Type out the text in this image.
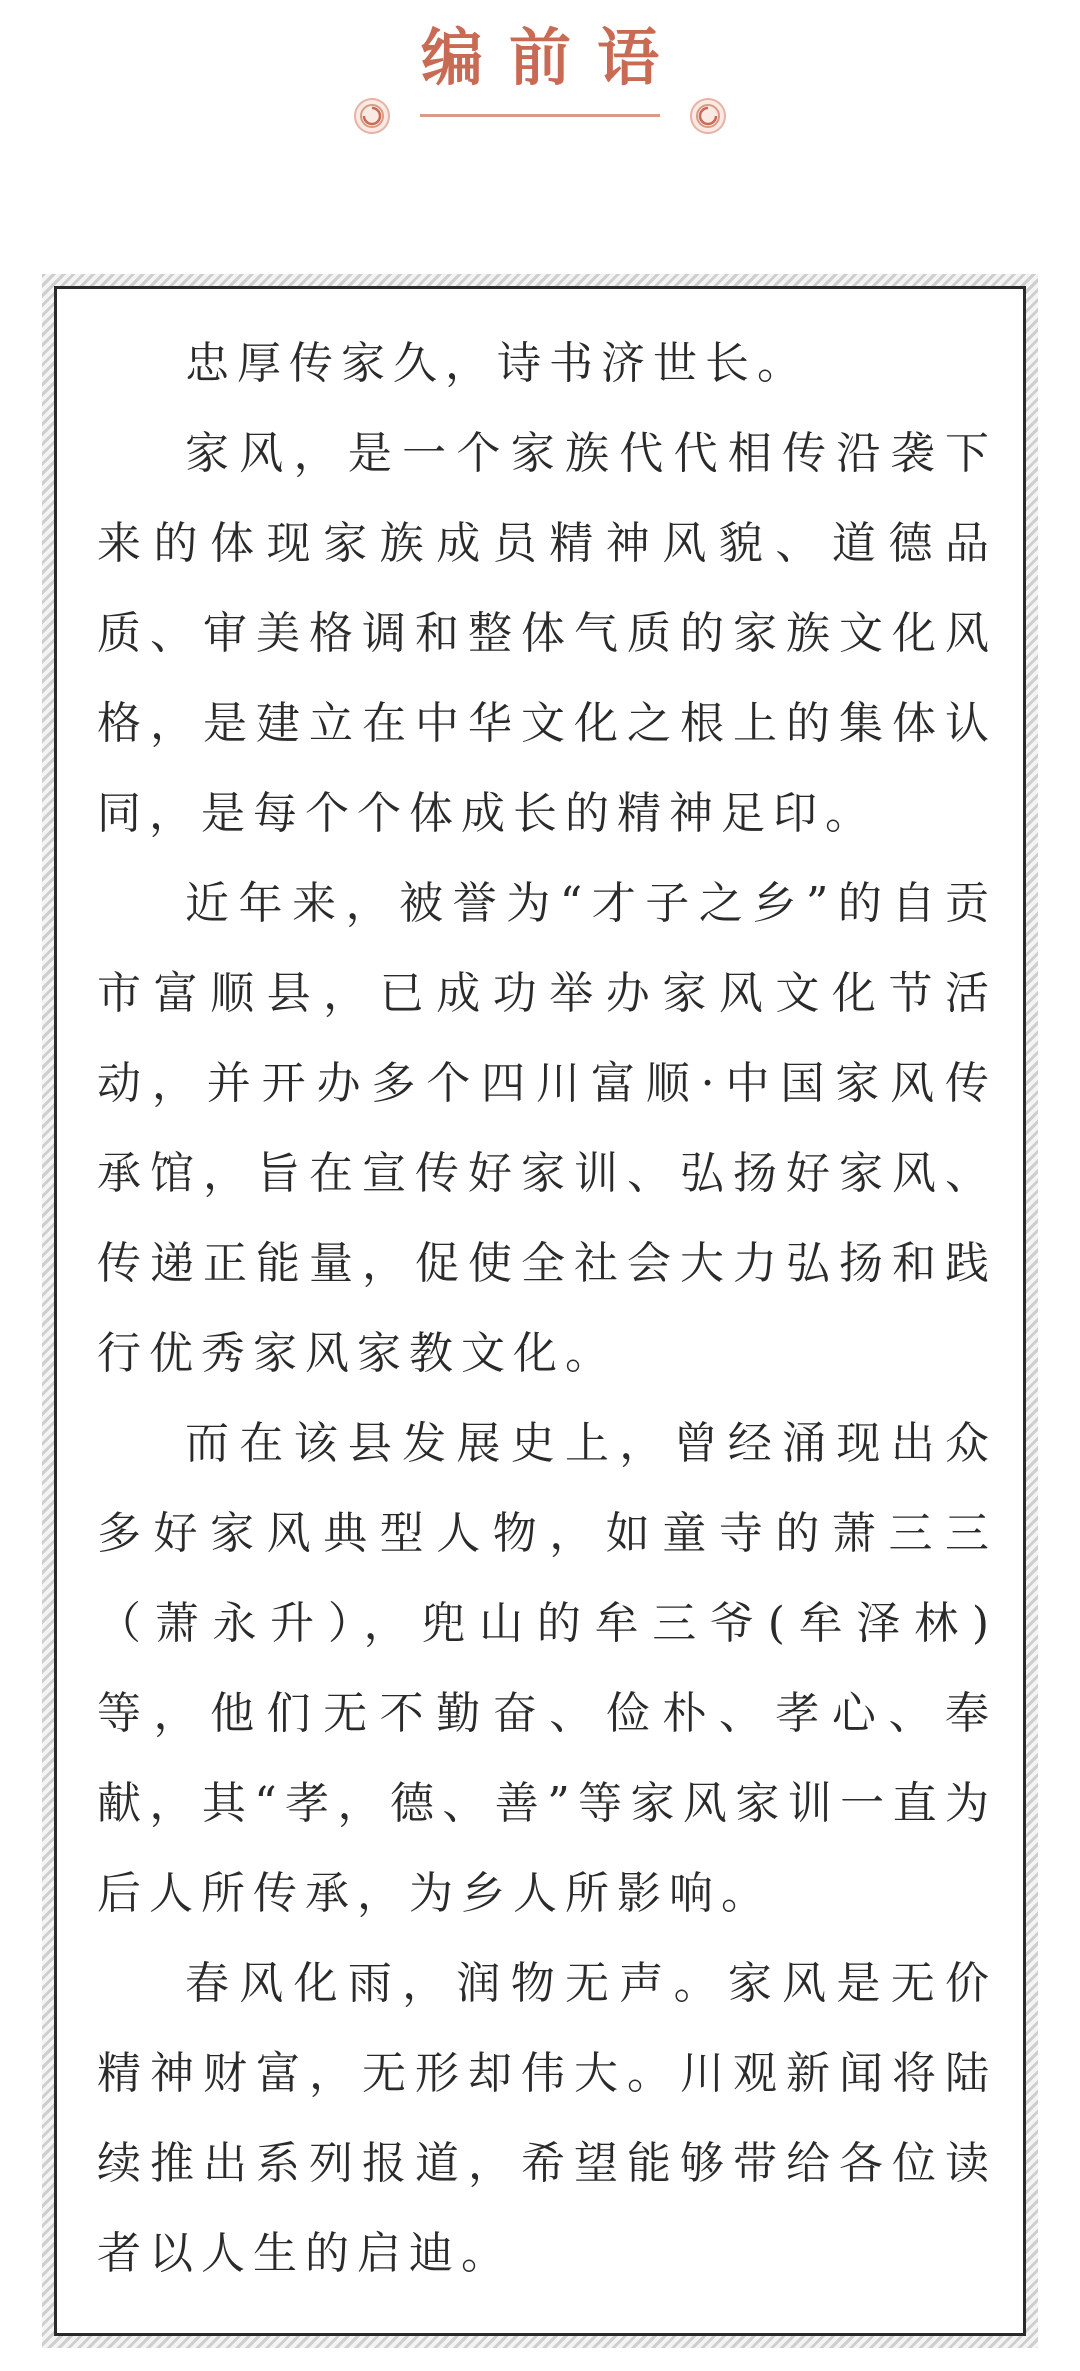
编前语

忠厚传家久，诗书济世长。

家风，是一个家族代代相传沿袭下来的体现家族成员精神风貌、道德品质、审美格调和整体气质的家族文化风格，是建立在中华文化之根上的集体认同，是每个个体成长的精神足印。

近年来，被誉为“才子之乡”的自贡市富顺县，已成功举办家风文化节活动，并开办多个四川富顺·中国家风传承馆，旨在宣传好家训、弘扬好家风、传递正能量，促使全社会大力弘扬和践行优秀家风家教文化。

而在该县发展史上，曾经涌现出众多好家风典型人物，如童寺的萧三三（萧永升），兜山的牟三爷(牟泽林)等，他们无不勤奋、俭朴、孝心、奉献，其“孝，德、善”等家风家训一直为后人所传承，为乡人所影响。

春风化雨，润物无声。家风是无价精神财富，无形却伟大。川观新闻将陆续推出系列报道，希望能够带给各位读者以人生的启迪。
